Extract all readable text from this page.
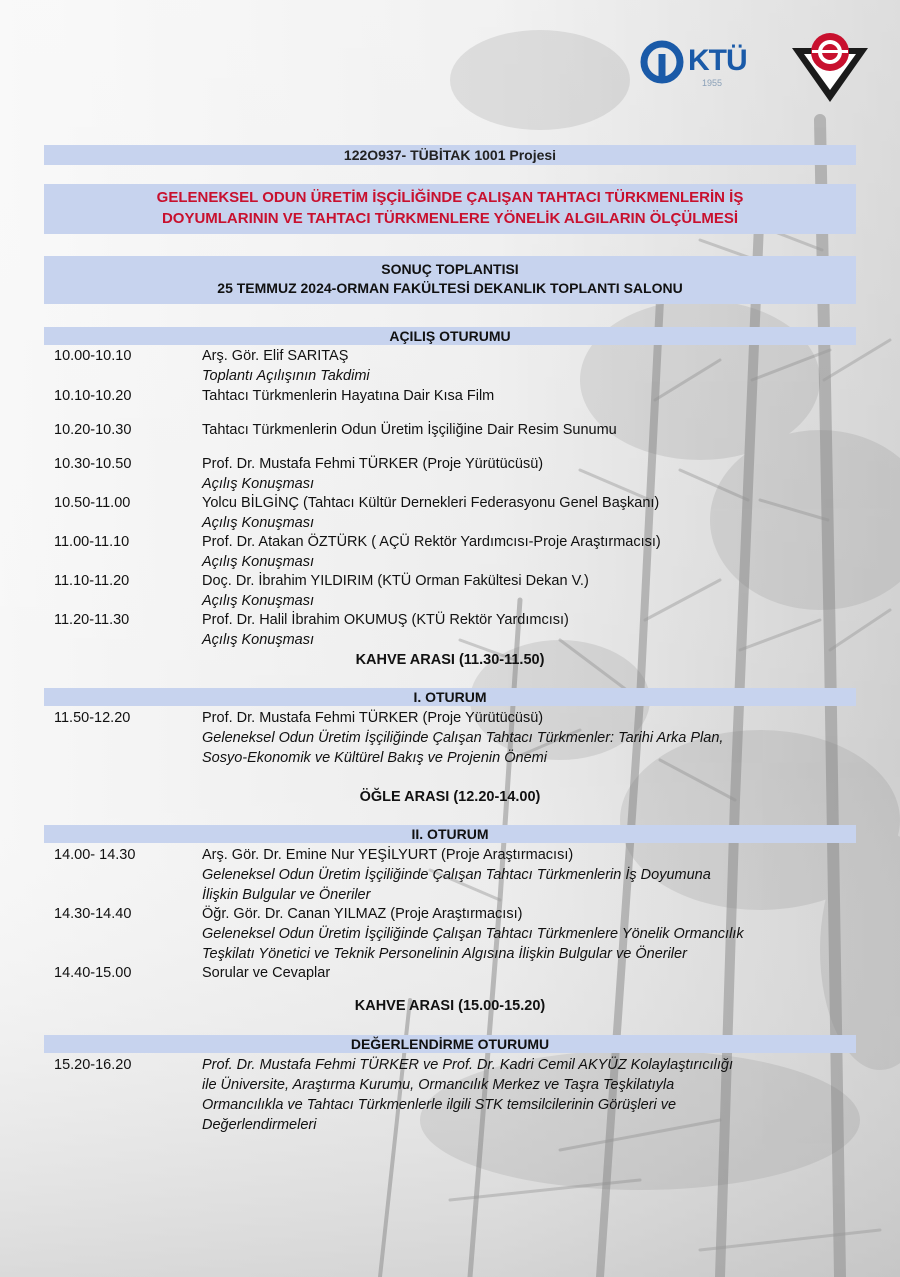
KTÜ
1955
122O937- TÜBİTAK 1001 Projesi
GELENEKSEL ODUN ÜRETİM İŞÇİLİĞİNDE ÇALIŞAN TAHTACI TÜRKMENLERİN İŞ
DOYUMLARININ VE TAHTACI TÜRKMENLERE YÖNELİK ALGILARIN ÖLÇÜLMESİ
SONUÇ TOPLANTISI
25 TEMMUZ 2024-ORMAN FAKÜLTESİ DEKANLIK TOPLANTI SALONU
AÇILIŞ OTURUMU
10.00-10.10	Arş. Gör. Elif SARITAŞ
Toplantı Açılışının Takdimi
10.10-10.20	Tahtacı Türkmenlerin Hayatına Dair Kısa Film
10.20-10.30	Tahtacı Türkmenlerin Odun Üretim İşçiliğine Dair Resim Sunumu
10.30-10.50	Prof. Dr. Mustafa Fehmi TÜRKER (Proje Yürütücüsü)
Açılış Konuşması
10.50-11.00	Yolcu BİLGİNÇ (Tahtacı Kültür Dernekleri Federasyonu Genel Başkanı)
Açılış Konuşması
11.00-11.10	Prof. Dr. Atakan ÖZTÜRK ( AÇÜ Rektör Yardımcısı-Proje Araştırmacısı)
Açılış Konuşması
11.10-11.20	Doç. Dr. İbrahim YILDIRIM (KTÜ Orman Fakültesi Dekan V.)
Açılış Konuşması
11.20-11.30	Prof. Dr. Halil İbrahim OKUMUŞ (KTÜ Rektör Yardımcısı)
Açılış Konuşması
KAHVE ARASI (11.30-11.50)
I. OTURUM
11.50-12.20	Prof. Dr. Mustafa Fehmi TÜRKER (Proje Yürütücüsü)
Geleneksel Odun Üretim İşçiliğinde Çalışan Tahtacı Türkmenler: Tarihi Arka Plan,
Sosyo-Ekonomik ve Kültürel Bakış ve Projenin Önemi
ÖĞLE ARASI (12.20-14.00)
II. OTURUM
14.00- 14.30	Arş. Gör. Dr. Emine Nur YEŞİLYURT (Proje Araştırmacısı)
Geleneksel Odun Üretim İşçiliğinde Çalışan Tahtacı Türkmenlerin İş Doyumuna
İlişkin Bulgular ve Öneriler
14.30-14.40	Öğr. Gör. Dr. Canan YILMAZ (Proje Araştırmacısı)
Geleneksel Odun Üretim İşçiliğinde Çalışan Tahtacı Türkmenlere Yönelik Ormancılık
Teşkilatı Yönetici ve Teknik Personelinin Algısına İlişkin Bulgular ve Öneriler
14.40-15.00	Sorular ve Cevaplar
KAHVE ARASI (15.00-15.20)
DEĞERLENDİRME OTURUMU
15.20-16.20	Prof. Dr. Mustafa Fehmi TÜRKER ve Prof. Dr. Kadri Cemil AKYÜZ Kolaylaştırıcılığı
ile Üniversite, Araştırma Kurumu, Ormancılık Merkez ve Taşra Teşkilatıyla
Ormancılıkla ve Tahtacı Türkmenlerle ilgili STK temsilcilerinin Görüşleri ve
Değerlendirmeleri
